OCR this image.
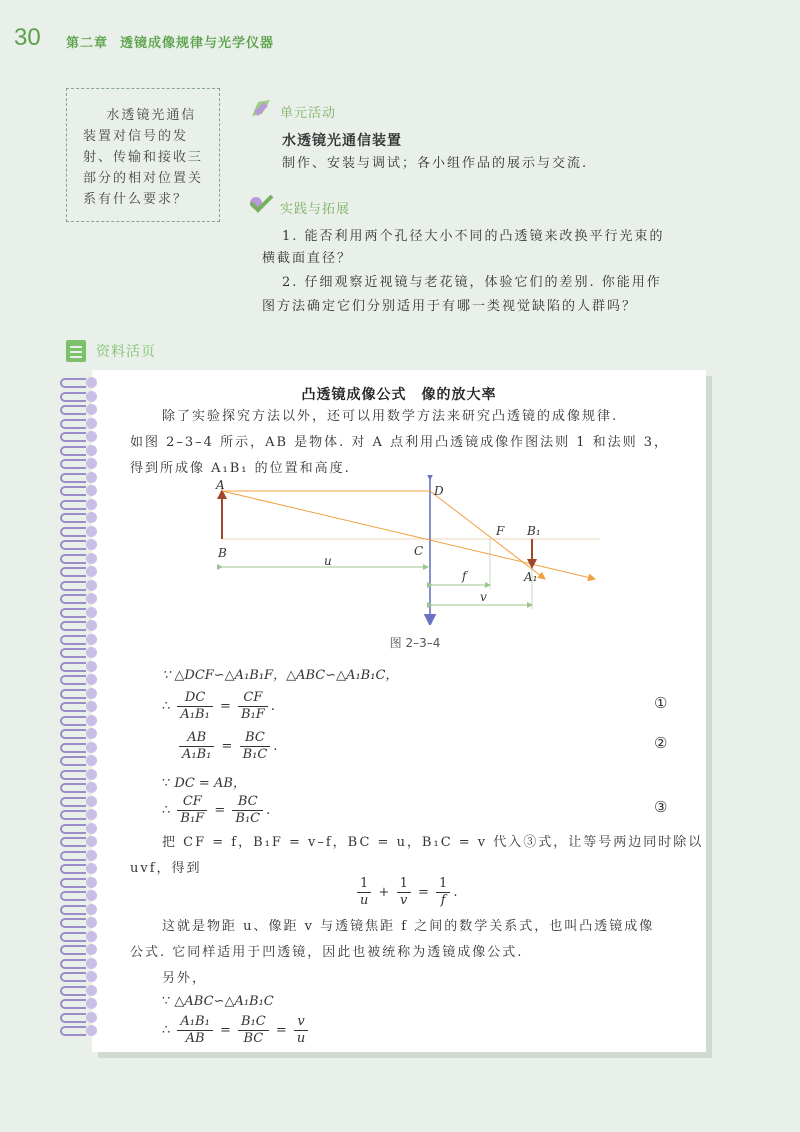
30 第二章 透镜成像规律与光学仪器
水透镜光通信装置对信号的发射、传输和接收三部分的相对位置关系有什么要求？
单元活动
水透镜光通信装置
制作、安装与调试；各小组作品的展示与交流.
实践与拓展
1. 能否利用两个孔径大小不同的凸透镜来改换平行光束的
横截面直径？
2. 仔细观察近视镜与老花镜，体验它们的差别. 你能用作
图方法确定它们分别适用于有哪一类视觉缺陷的人群吗？
资料活页
凸透镜成像公式　像的放大率
除了实验探究方法以外，还可以用数学方法来研究凸透镜的成像规律.
如图 2–3–4 所示，AB 是物体. 对 A 点利用凸透镜成像作图法则 1 和法则 3，
得到所成像 A₁B₁ 的位置和高度.
A
B	C
D
F B₁
A₁
u
f
v
图 2–3–4
∵ △DCF∽△A₁B₁F，△ABC∽△A₁B₁C，
∴ $\frac{DC}{\text{A₁B₁}} = \frac{CF}{\text{B₁F}}$ .	①
$\frac{AB}{\text{A₁B₁}} = \frac{BC}{\text{B₁C}}$ .	②
∵ DC = AB，
∴ $\frac{CF}{\text{B₁F}} = \frac{BC}{\text{B₁C}}$ .	③
把 CF = f，B₁F = v–f，BC = u，B₁C = v 代入③式，让等号两边同时除以
uvf，得到
$\frac{1}{u} + \frac{1}{v} = \frac{1}{f}$ .
这就是物距 u、像距 v 与透镜焦距 f 之间的数学关系式，也叫凸透镜成像
公式. 它同样适用于凹透镜，因此也被统称为透镜成像公式.
另外，
∵ △ABC∽△A₁B₁C
∴ $\frac{\text{A₁B₁}}{AB} = \frac{\text{B₁C}}{BC} = \frac{v}{u}$
